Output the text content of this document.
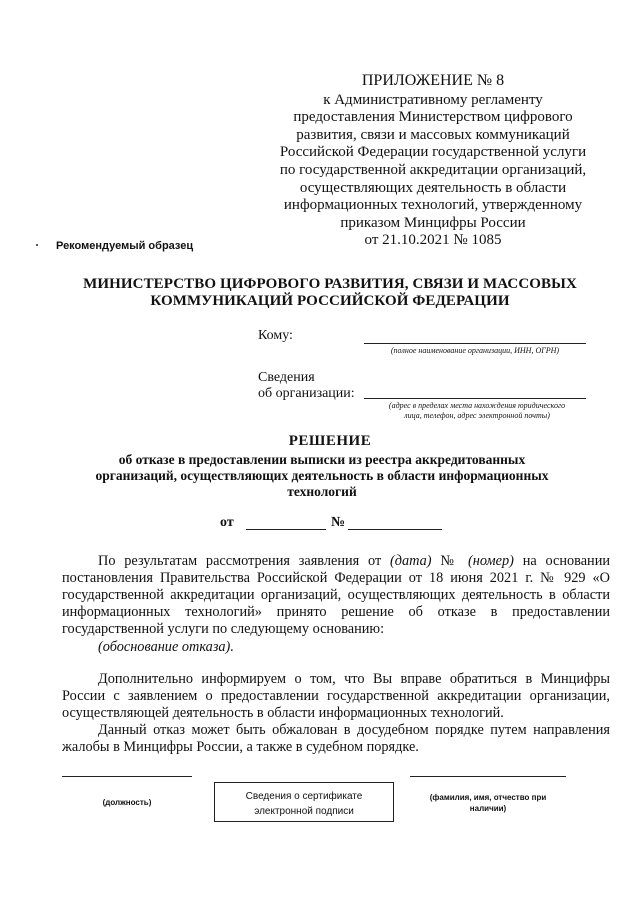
ПРИЛОЖЕНИЕ № 8
к Административному регламенту
предоставления Министерством цифрового
развития, связи и массовых коммуникаций
Российской Федерации государственной услуги
по государственной аккредитации организаций,
осуществляющих деятельность в области
информационных технологий, утвержденному
приказом Минцифры России
от 21.10.2021 № 1085
Рекомендуемый образец
МИНИСТЕРСТВО ЦИФРОВОГО РАЗВИТИЯ, СВЯЗИ И МАССОВЫХ
КОММУНИКАЦИЙ РОССИЙСКОЙ ФЕДЕРАЦИИ
Кому:
(полное наименование организации, ИНН, ОГРН)
Сведения
об организации:
(адрес в пределах места нахождения юридического
лица, телефон, адрес электронной почты)
РЕШЕНИЕ
об отказе в предоставлении выписки из реестра аккредитованных
организаций, осуществляющих деятельность в области информационных
технологий
от	№

По результатам рассмотрения заявления от (дата) № (номер) на основании постановления Правительства Российской Федерации от 18 июня 2021 г. № 929 «О государственной аккредитации организаций, осуществляющих деятельность в области информационных технологий» принято решение об отказе в предоставлении государственной услуги по следующему основанию:

(обоснование отказа).

Дополнительно информируем о том, что Вы вправе обратиться в Минцифры России с заявлением о предоставлении государственной аккредитации организации, осуществляющей деятельность в области информационных технологий.

Данный отказ может быть обжалован в досудебном порядке путем направления жалобы в Минцифры России, а также в судебном порядке.

(должность)
Сведения о сертификате
электронной подписи
(фамилия, имя, отчество при
наличии)
